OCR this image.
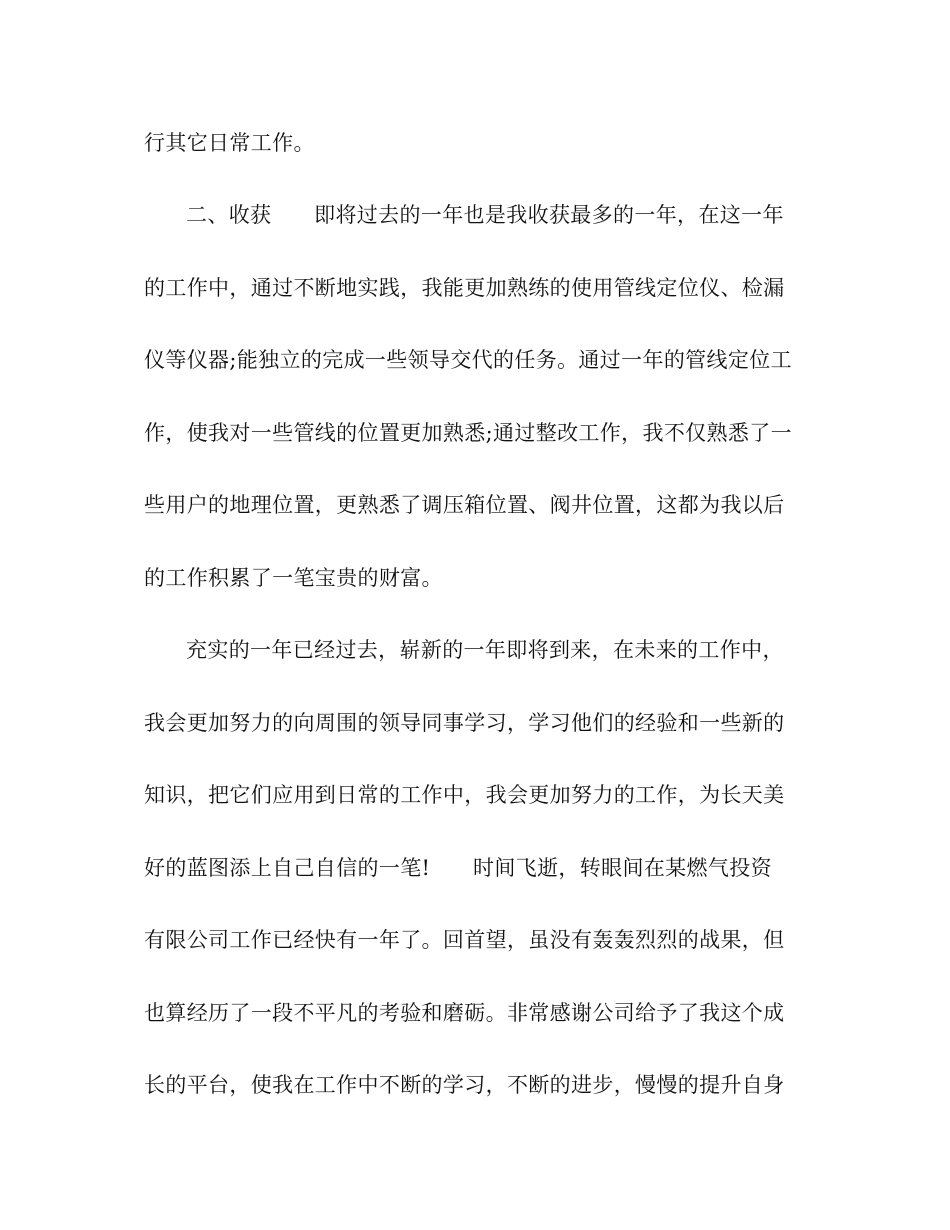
行其它日常工作。
二、收获　　即将过去的一年也是我收获最多的一年，在这一年
的工作中，通过不断地实践，我能更加熟练的使用管线定位仪、检漏
仪等仪器;能独立的完成一些领导交代的任务。通过一年的管线定位工
作，使我对一些管线的位置更加熟悉;通过整改工作，我不仅熟悉了一
些用户的地理位置，更熟悉了调压箱位置、阀井位置，这都为我以后
的工作积累了一笔宝贵的财富。
充实的一年已经过去，崭新的一年即将到来，在未来的工作中，
我会更加努力的向周围的领导同事学习，学习他们的经验和一些新的
知识，把它们应用到日常的工作中，我会更加努力的工作，为长天美
好的蓝图添上自己自信的一笔!　　时间飞逝，转眼间在某燃气投资
有限公司工作已经快有一年了。回首望，虽没有轰轰烈烈的战果，但
也算经历了一段不平凡的考验和磨砺。非常感谢公司给予了我这个成
长的平台，使我在工作中不断的学习，不断的进步，慢慢的提升自身
